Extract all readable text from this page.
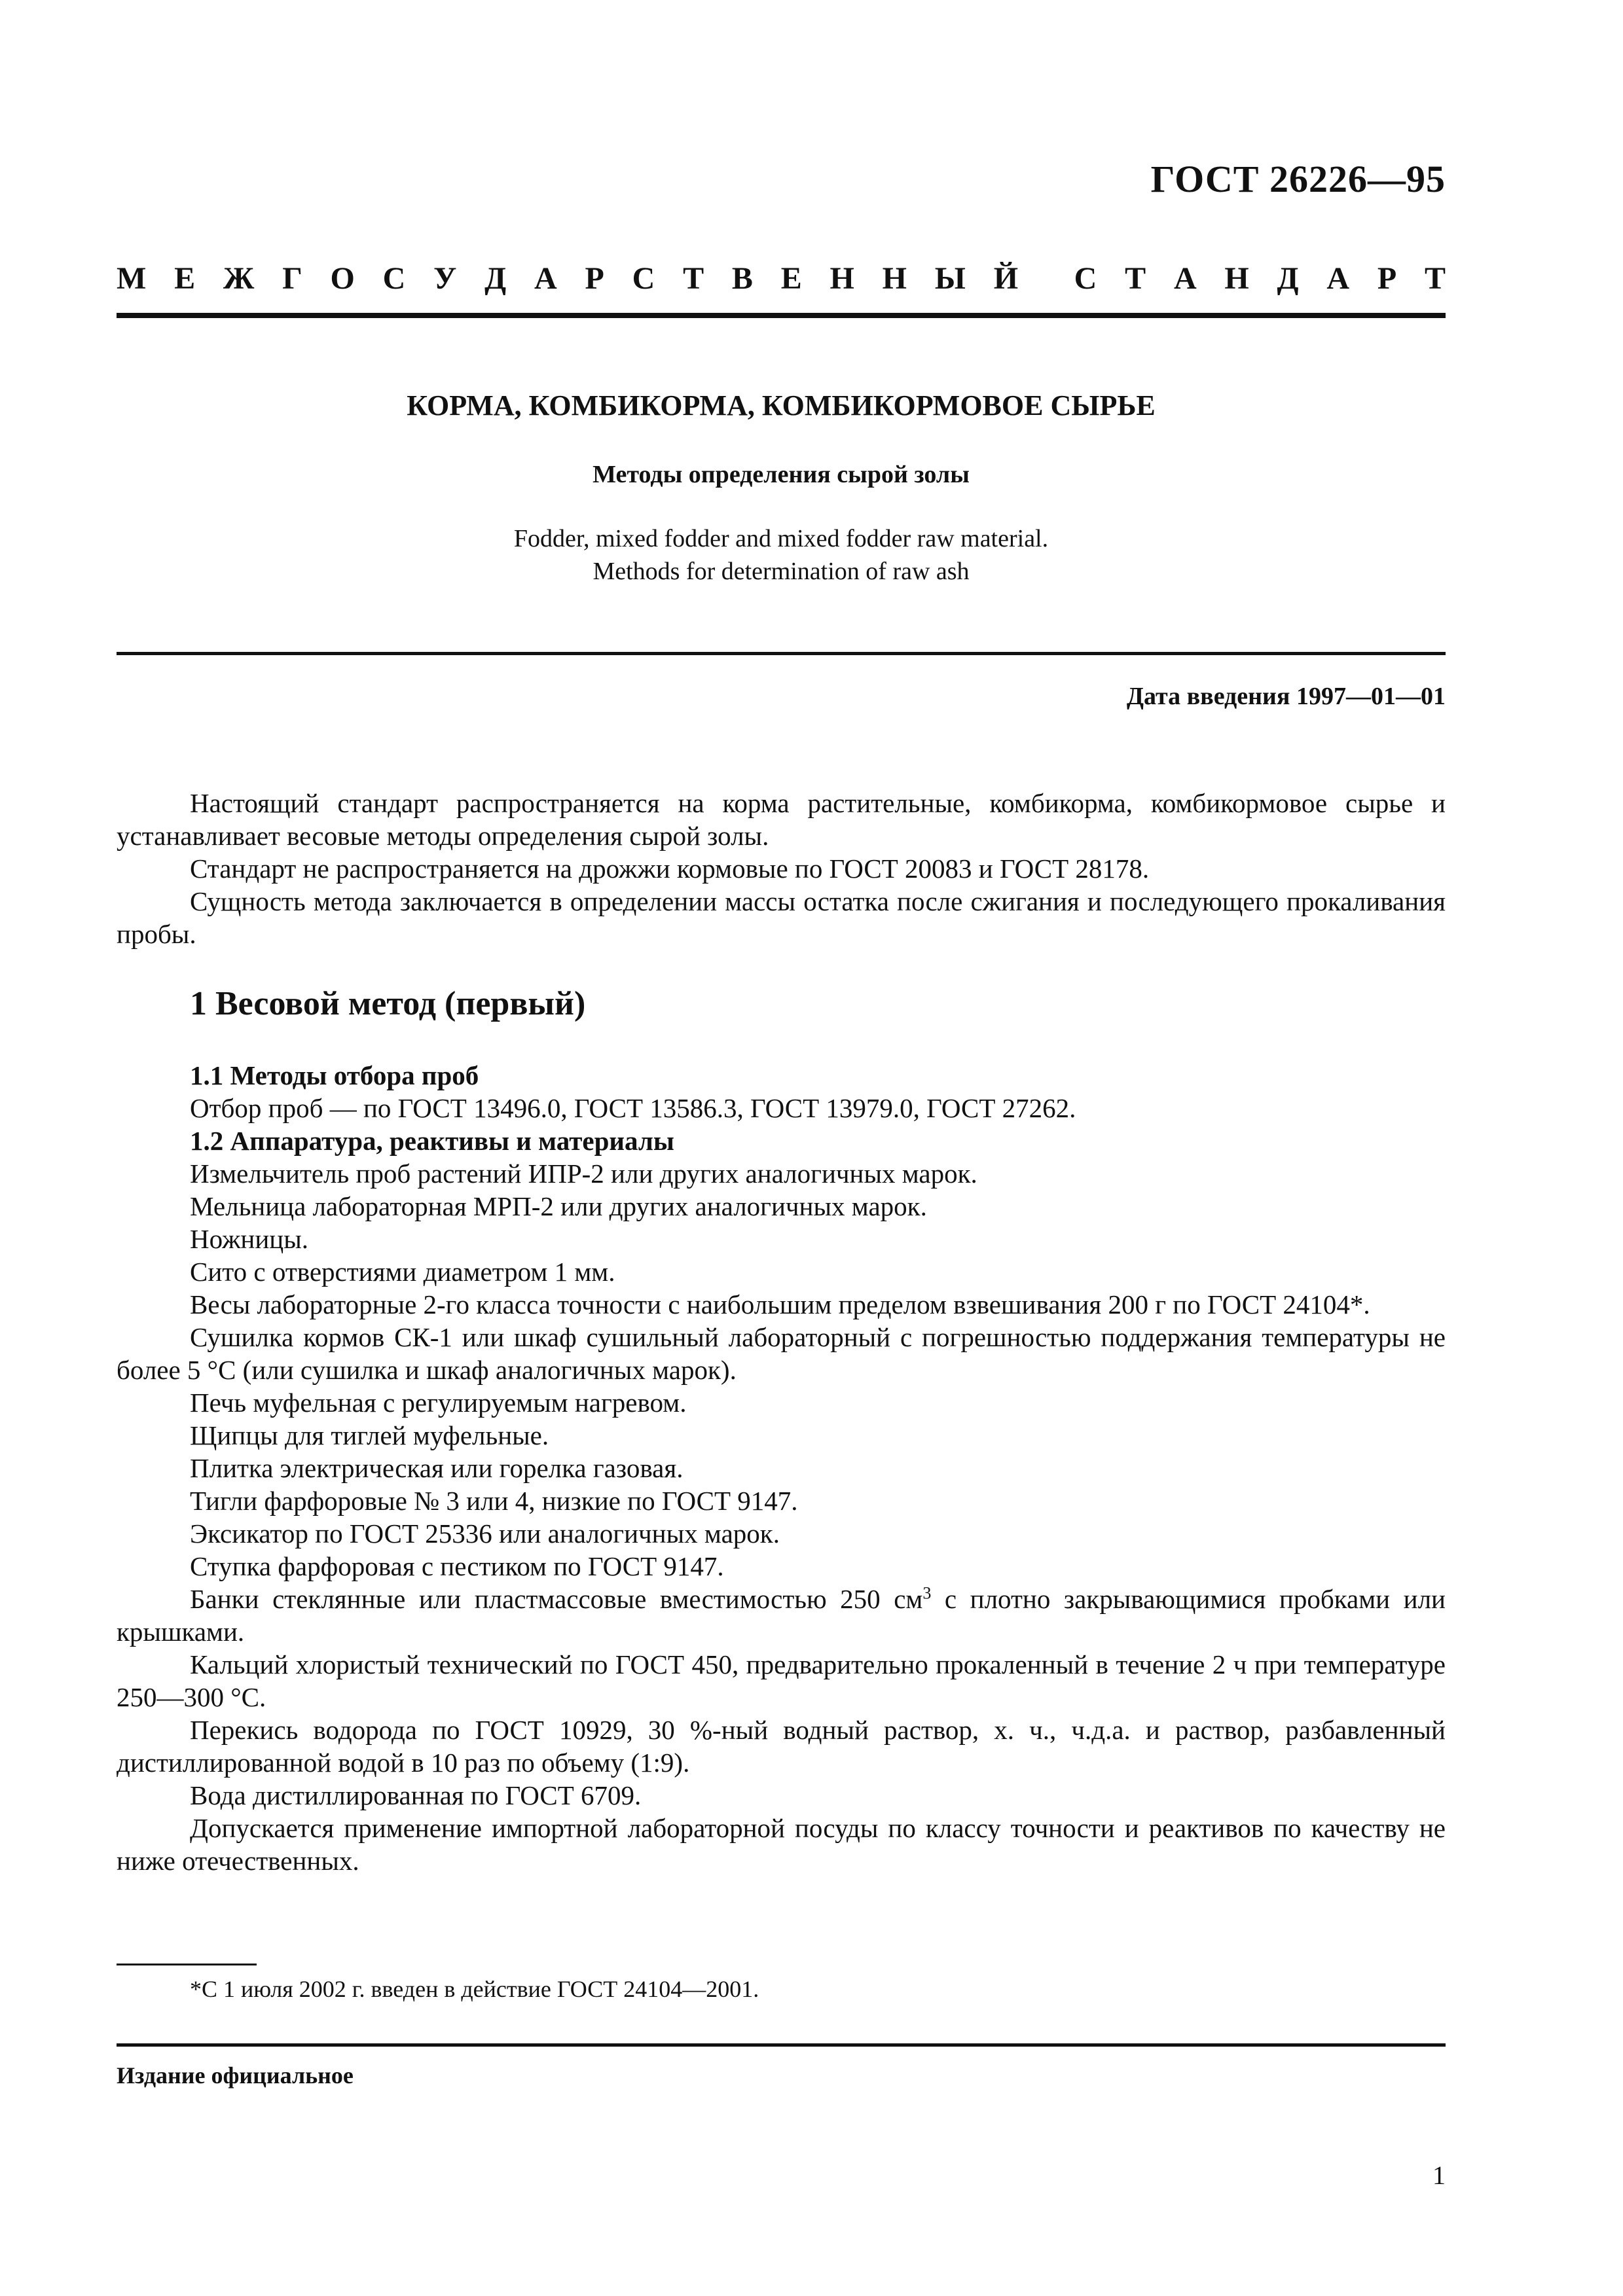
ГОСТ 26226—95
М Е Ж Г О С У Д А Р С Т В Е Н Н Ы Й С Т А Н Д А Р Т
КОРМА, КОМБИКОРМА, КОМБИКОРМОВОЕ СЫРЬЕ
Методы определения сырой золы
Fodder, mixed fodder and mixed fodder raw material.
Methods for determination of raw ash
Дата введения 1997—01—01

Настоящий стандарт распространяется на корма растительные, комбикорма, комбикормовое сырье и устанавливает весовые методы определения сырой золы.

Стандарт не распространяется на дрожжи кормовые по ГОСТ 20083 и ГОСТ 28178.

Сущность метода заключается в определении массы остатка после сжигания и последующего прокаливания пробы.

1 Весовой метод (первый)

1.1 Методы отбора проб

Отбор проб — по ГОСТ 13496.0, ГОСТ 13586.3, ГОСТ 13979.0, ГОСТ 27262.

1.2 Аппаратура, реактивы и материалы

Измельчитель проб растений ИПР-2 или других аналогичных марок.

Мельница лабораторная МРП-2 или других аналогичных марок.

Ножницы.

Сито с отверстиями диаметром 1 мм.

Весы лабораторные 2-го класса точности с наибольшим пределом взвешивания 200 г по ГОСТ 24104*.

Сушилка кормов СК-1 или шкаф сушильный лабораторный с погрешностью поддержания температуры не более 5 °С (или сушилка и шкаф аналогичных марок).

Печь муфельная с регулируемым нагревом.

Щипцы для тиглей муфельные.

Плитка электрическая или горелка газовая.

Тигли фарфоровые № 3 или 4, низкие по ГОСТ 9147.

Эксикатор по ГОСТ 25336 или аналогичных марок.

Ступка фарфоровая с пестиком по ГОСТ 9147.

Банки стеклянные или пластмассовые вместимостью 250 $см^3$ с плотно закрывающимися пробками или крышками.

Кальций хлористый технический по ГОСТ 450, предварительно прокаленный в течение 2 ч при температуре 250—300 °С.

Перекись водорода по ГОСТ 10929, 30 %-ный водный раствор, х. ч., ч.д.а. и раствор, разбавленный дистиллированной водой в 10 раз по объему (1:9).

Вода дистиллированная по ГОСТ 6709.

Допускается применение импортной лабораторной посуды по классу точности и реактивов по качеству не ниже отечественных.

*С 1 июля 2002 г. введен в действие ГОСТ 24104—2001.
Издание официальное
1
